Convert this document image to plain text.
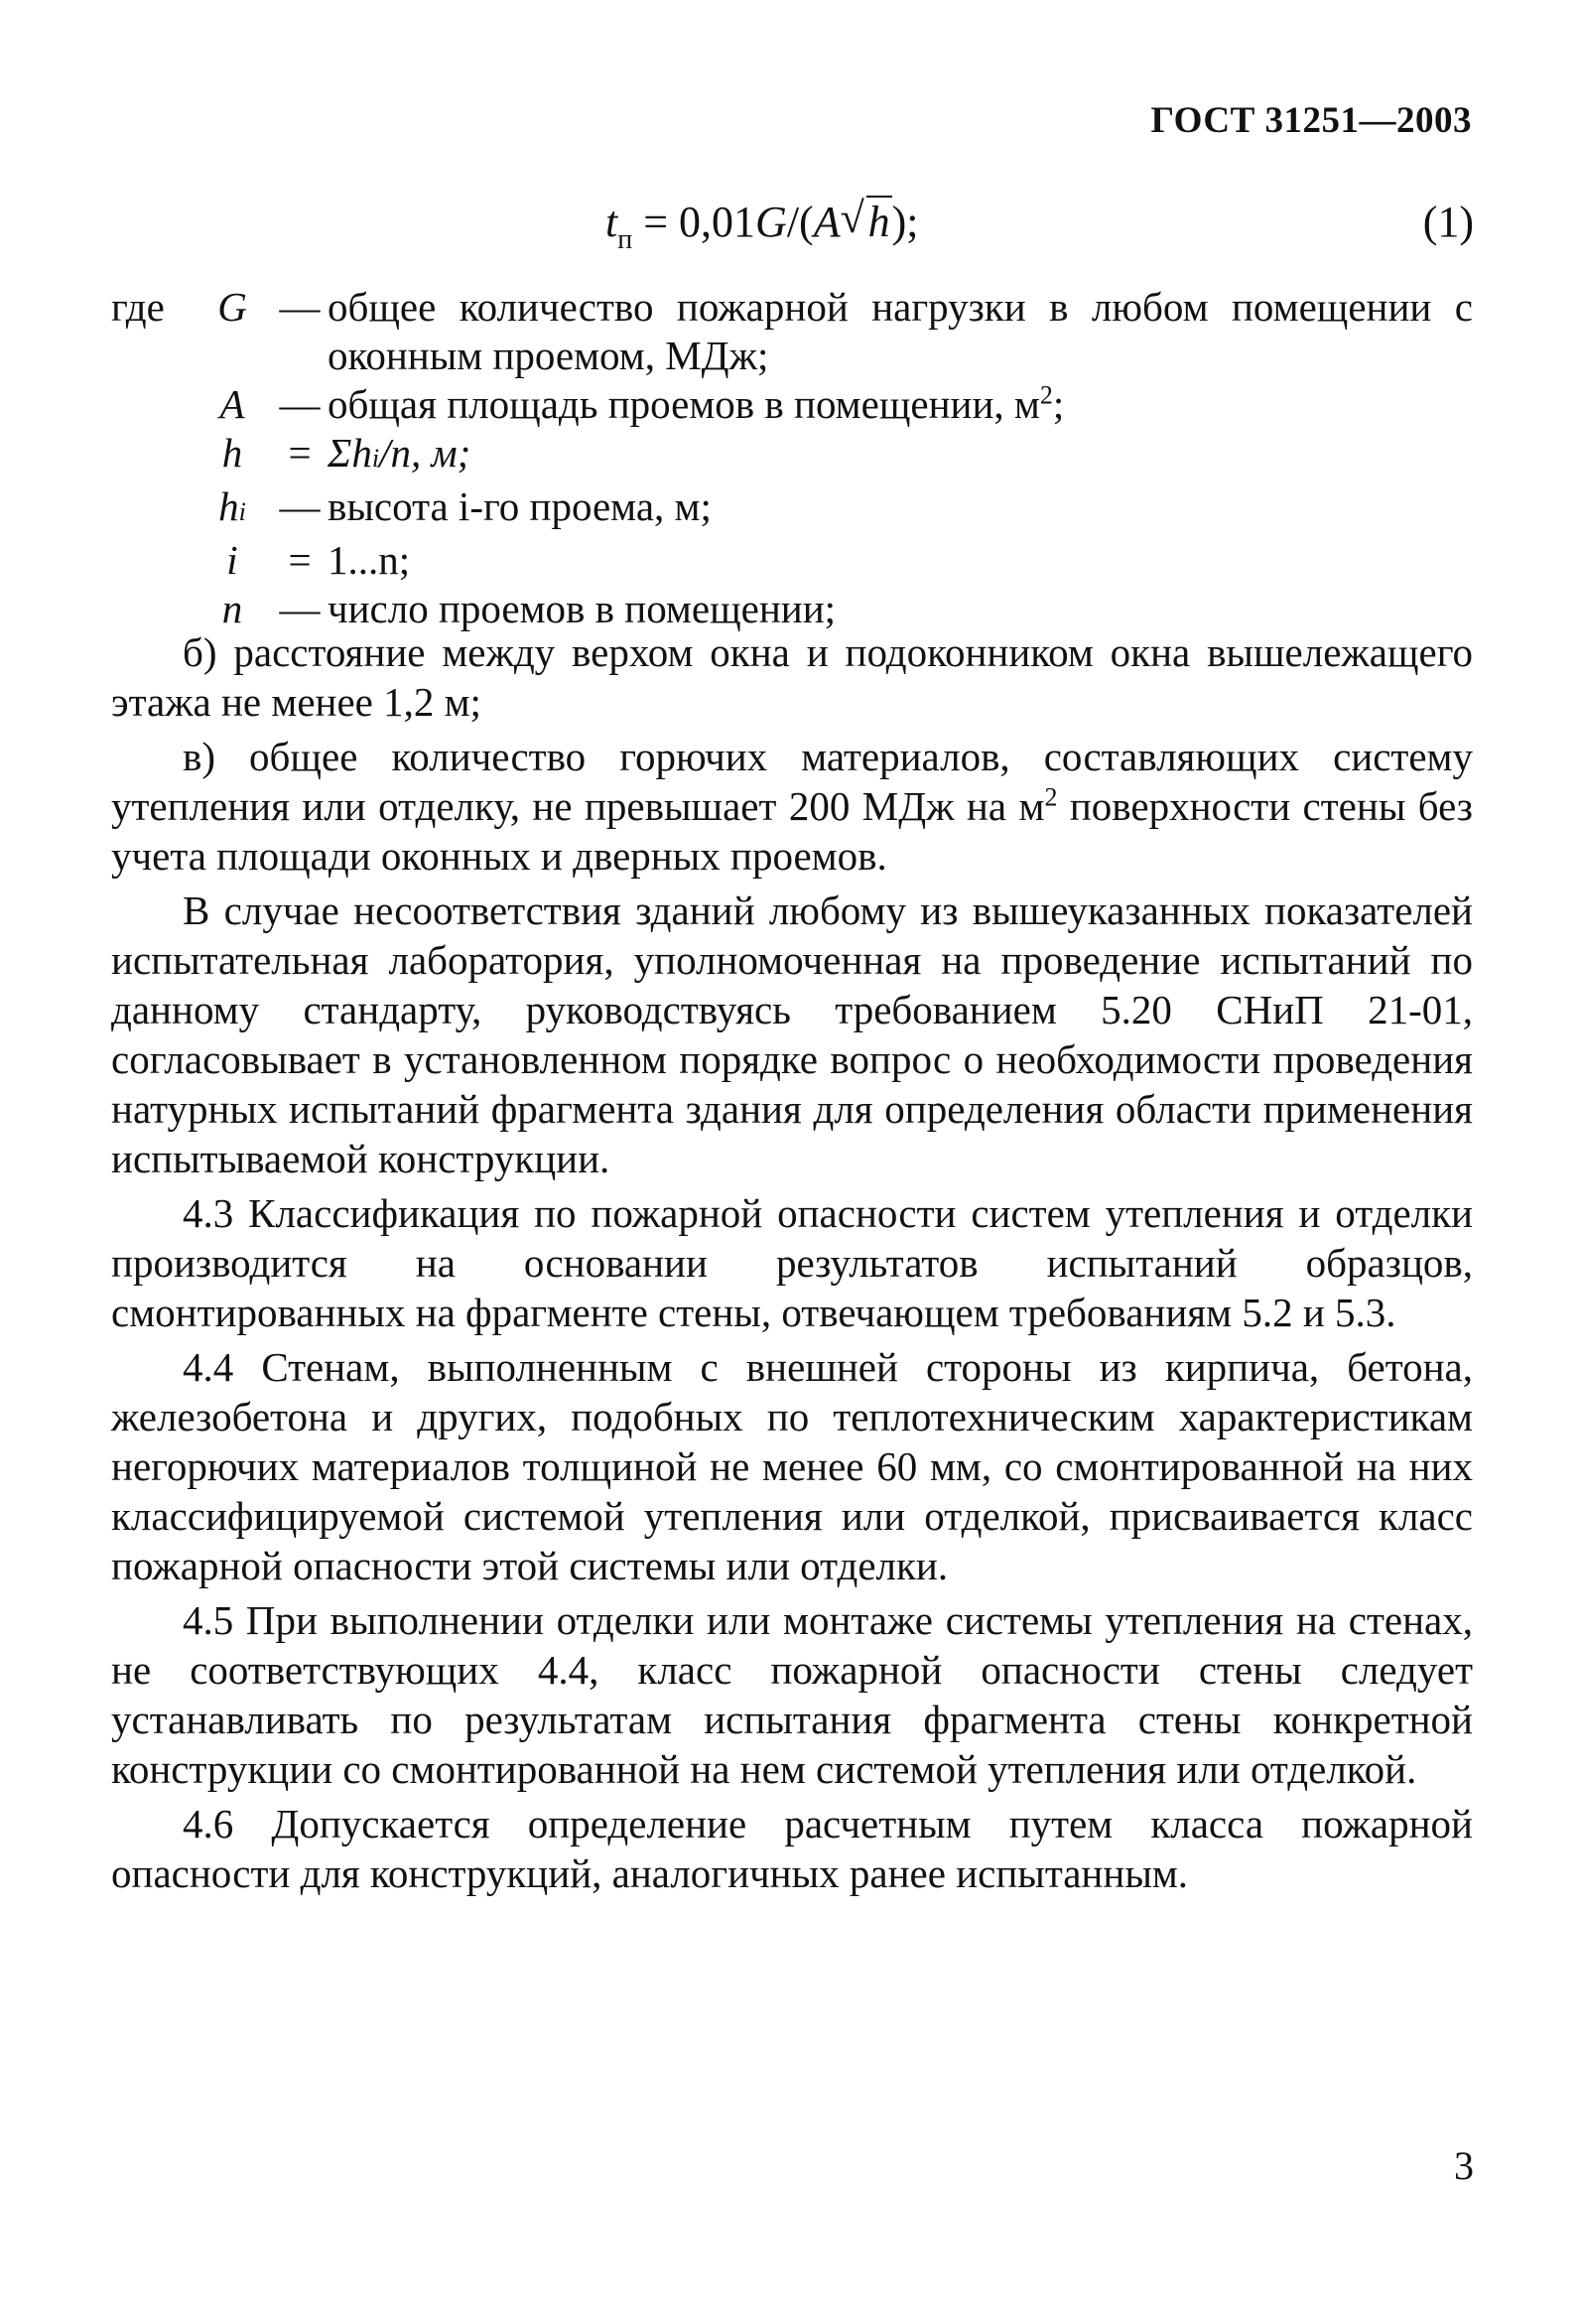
ГОСТ 31251—2003
$t_п = 0,01G/(A$ √ h);	(1)
где	G — общее количество пожарной нагрузки в любом помещении с оконным проемом, МДж;
A — общая площадь проемов в помещении, $м^2$;
h	= Σhi/n, м;
hi — высота i-го проема, м;
i	= 1...n;
n — число проемов в помещении;

б) расстояние между верхом окна и подоконником окна вышележащего этажа не менее 1,2 м;

в) общее количество горючих материалов, составляющих систему утепления или отделку, не превышает 200 МДж на $м^2$ поверхности стены без учета площади оконных и дверных проемов.

В случае несоответствия зданий любому из вышеуказанных показателей испытательная лаборатория, уполномоченная на проведение испытаний по данному стандарту, руководствуясь требованием 5.20 СНиП 21-01, согласовывает в установленном порядке вопрос о необходимости проведения натурных испытаний фрагмента здания для определения области применения испытываемой конструкции.

4.3 Классификация по пожарной опасности систем утепления и отделки производится на основании результатов испытаний образцов, смонтированных на фрагменте стены, отвечающем требованиям 5.2 и 5.3.

4.4 Стенам, выполненным с внешней стороны из кирпича, бетона, железобетона и других, подобных по теплотехническим характеристикам негорючих материалов толщиной не менее 60 мм, со смонтированной на них классифицируемой системой утепления или отделкой, присваивается класс пожарной опасности этой системы или отделки.

4.5 При выполнении отделки или монтаже системы утепления на стенах, не соответствующих 4.4, класс пожарной опасности стены следует устанавливать по результатам испытания фрагмента стены конкретной конструкции со смонтированной на нем системой утепления или отделкой.

4.6 Допускается определение расчетным путем класса пожарной опасности для конструкций, аналогичных ранее испытанным.

3
